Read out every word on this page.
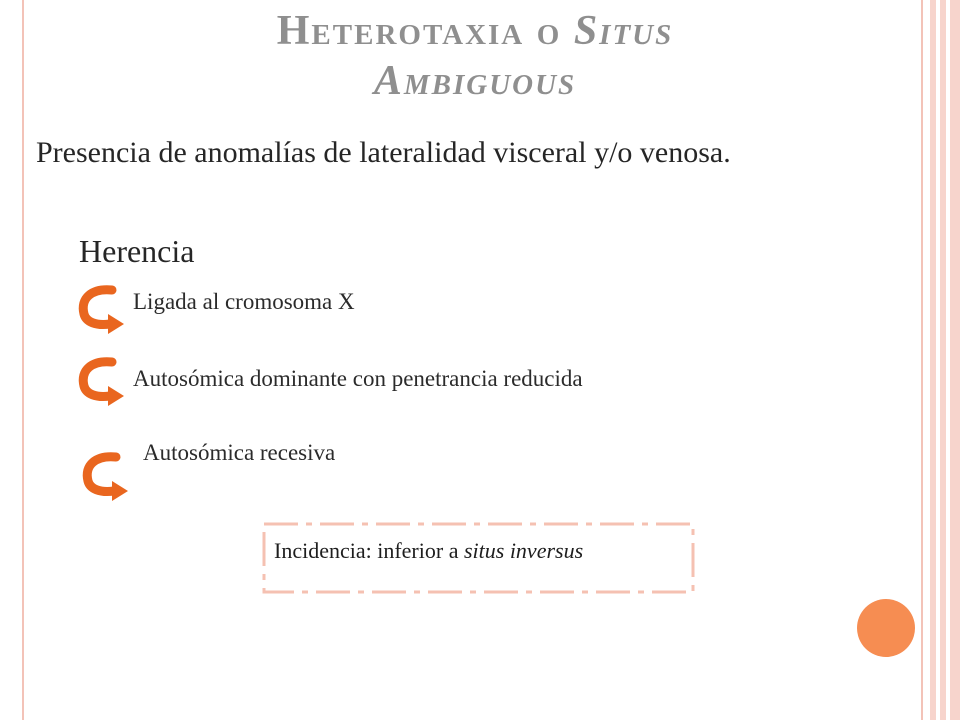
Heterotaxia o Situs
Ambiguous
Presencia de anomalías de lateralidad visceral y/o venosa.
Herencia
Ligada al cromosoma X
Autosómica dominante con penetrancia reducida
Autosómica recesiva
Incidencia: inferior a situs inversus
